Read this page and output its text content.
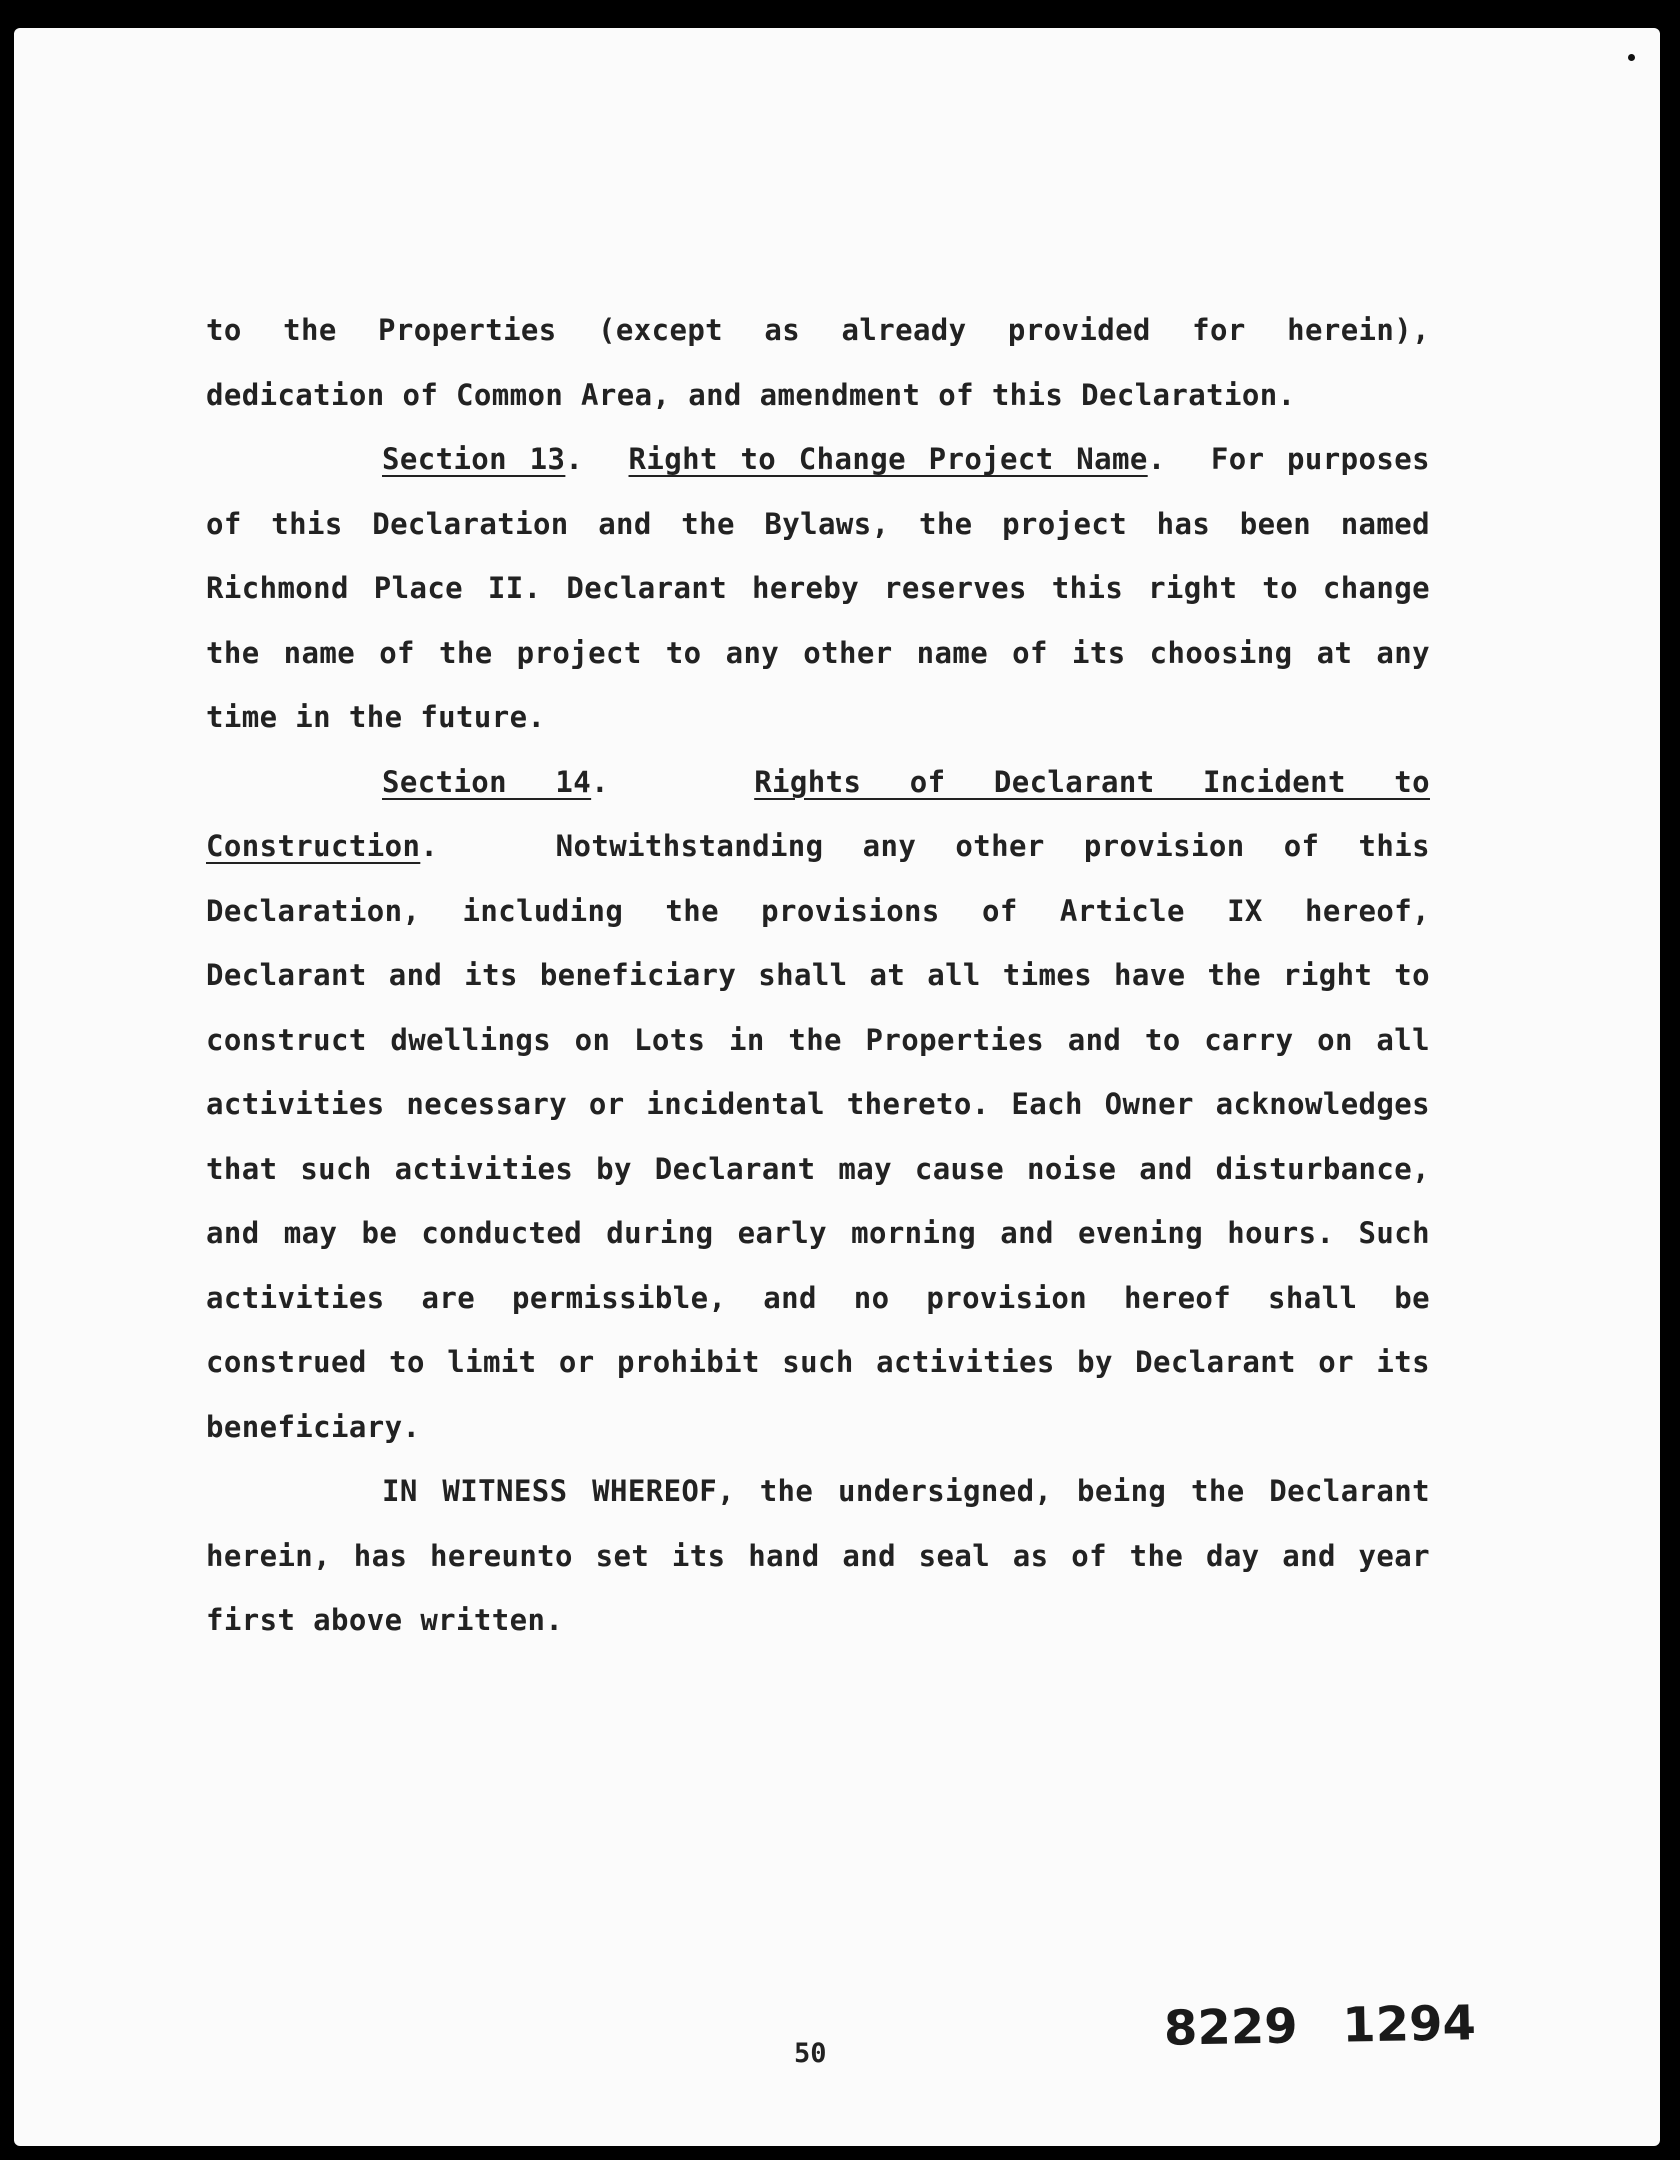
to the Properties (except as already provided for herein), dedication of Common Area, and amendment of this Declaration.

Section 13.  Right to Change Project Name.  For purposes of this Declaration and the Bylaws, the project has been named Richmond Place II. Declarant hereby reserves this right to change the name of the project to any other name of its choosing at any time in the future.

Section 14.   Rights of Declarant Incident to Construction.   Notwithstanding any other provision of this Declaration, including the provisions of Article IX hereof, Declarant and its beneficiary shall at all times have the right to construct dwellings on Lots in the Properties and to carry on all activities necessary or incidental thereto. Each Owner acknowledges that such activities by Declarant may cause noise and disturbance, and may be conducted during early morning and evening hours. Such activities are permissible, and no provision hereof shall be construed to limit or prohibit such activities by Declarant or its beneficiary.

IN WITNESS WHEREOF, the undersigned, being the Declarant herein, has hereunto set its hand and seal as of the day and year first above written.

50	8229 1294
